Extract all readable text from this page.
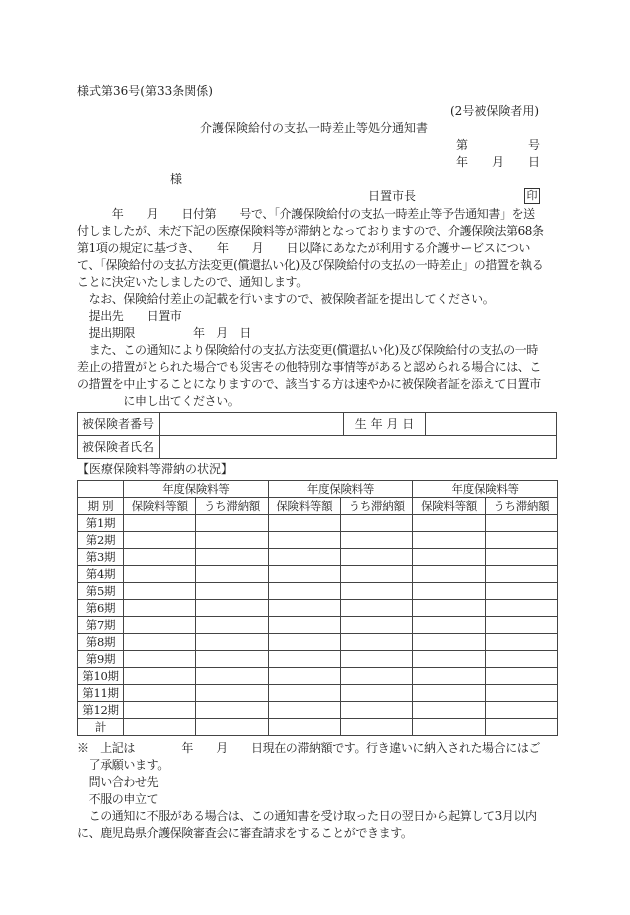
様式第36号(第33条関係)
(2号被保険者用)
介護保険給付の支払一時差止等処分通知書
第	号
年 月 日
様
日置市長	印
　　　年　　月　　日付第　　号で、「介護保険給付の支払一時差止等予告通知書」を送
付しましたが、未だ下記の医療保険料等が滞納となっておりますので、介護保険法第68条
第1項の規定に基づき、　　年　　月　　日以降にあなたが利用する介護サービスについ
て、「保険給付の支払方法変更(償還払い化)及び保険給付の支払の一時差止」の措置を執る
ことに決定いたしましたので、通知します。
　なお、保険給付差止の記載を行いますので、被保険者証を提出してください。
　提出先　　日置市
　提出期限　　　　　年　月　日
　また、この通知により保険給付の支払方法変更(償還払い化)及び保険給付の支払の一時
差止の措置がとられた場合でも災害その他特別な事情等があると認められる場合には、こ
の措置を中止することになりますので、該当する方は速やかに被保険者証を添えて日置市
　　　　に申し出てください。
被保険者番号		生 年 月 日	
被保険者氏名			
【医療保険料等滞納の状況】
	年度保険料等		年度保険料等		年度保険料等	
期 別	保険料等額	うち滞納額	保険料等額	うち滞納額	保険料等額	うち滞納額
第1期						
第2期						
第3期						
第4期						
第5期						
第6期						
第7期						
第8期						
第9期						
第10期						
第11期						
第12期						
計						
※　上記は　　　　年　　月　　日現在の滞納額です。行き違いに納入された場合にはご
　了承願います。
　問い合わせ先
　不服の申立て
　この通知に不服がある場合は、この通知書を受け取った日の翌日から起算して3月以内
に、鹿児島県介護保険審査会に審査請求をすることができます。
